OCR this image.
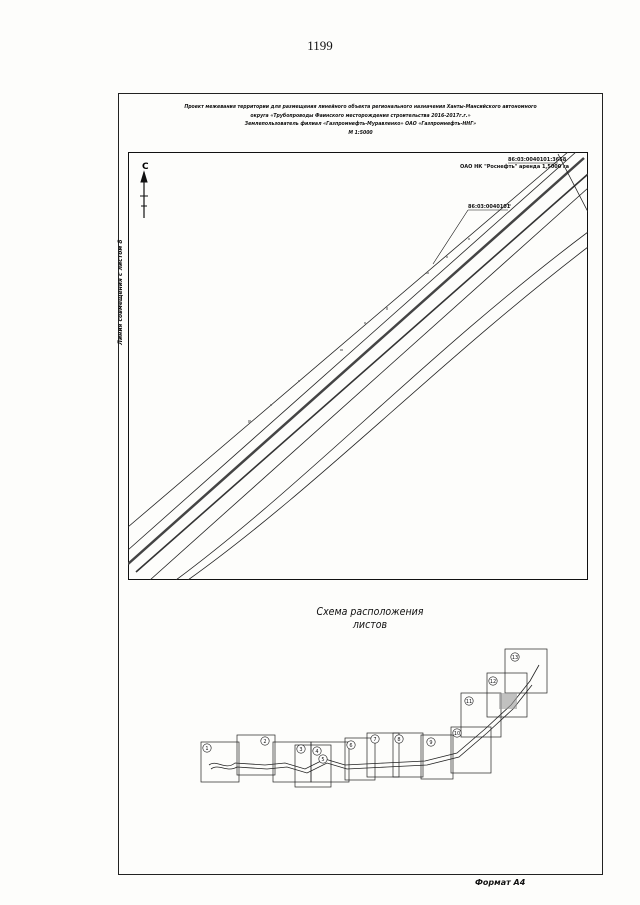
1199
Проект межевания территории для размещения линейного объекта регионального назначения Ханты-Мансийского автономного
округа «Трубопроводы Фаинского месторождения строительства 2016-2017г.г.»
Землепользователь филиал «Газпромнефть-Муравленко» ОАО «Газпромнефть-ННГ»
М 1:5000
Линия совмещения с листом 8
С
86:03:0040101:3658
ОАО НК "Роснефть" аренда 1,5000 га
86:03:0040101
Схема расположения
листов
1
2
3	4
5
6
7	8	9
10
11
12
13
Формат А4
